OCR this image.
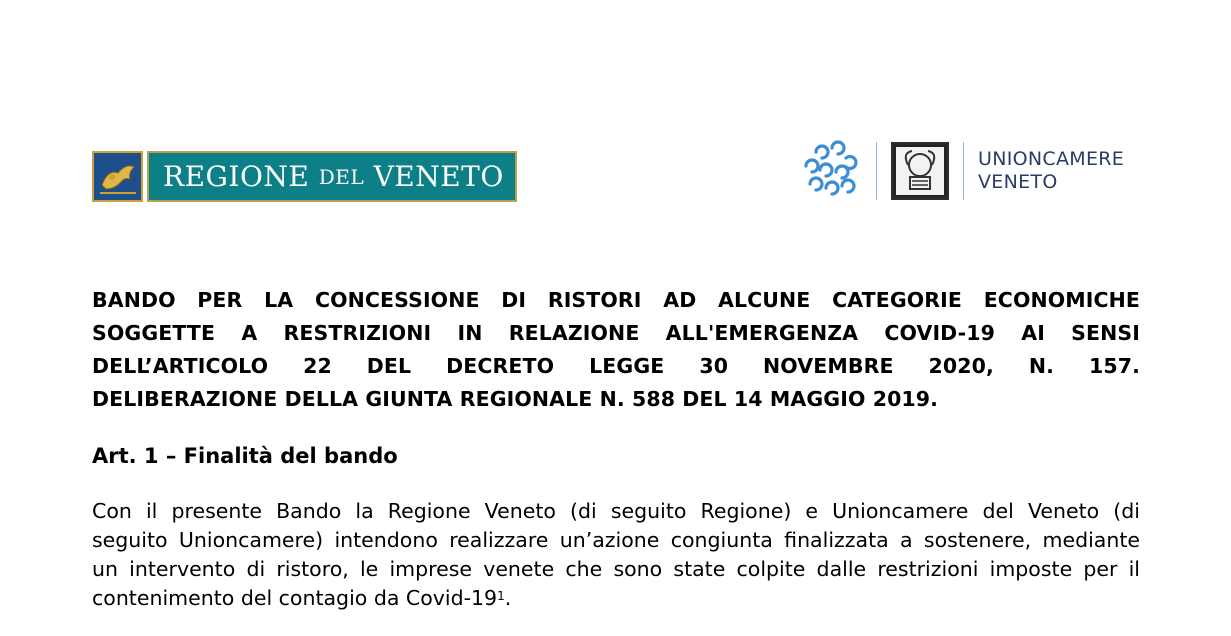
REGIONE
DEL
VENETO
UNIONCAMERE
VENETO
BANDO PER LA CONCESSIONE DI RISTORI AD ALCUNE CATEGORIE ECONOMICHE
SOGGETTE A RESTRIZIONI IN RELAZIONE ALL'EMERGENZA COVID-19 AI SENSI
DELL’ARTICOLO 22 DEL DECRETO LEGGE 30 NOVEMBRE 2020, N. 157.
DELIBERAZIONE DELLA GIUNTA REGIONALE N. 588 DEL 14 MAGGIO 2019.
Art. 1 – Finalità del bando
Con il presente Bando la Regione Veneto (di seguito Regione) e Unioncamere del Veneto (di
seguito Unioncamere) intendono realizzare un’azione congiunta finalizzata a sostenere, mediante
un intervento di ristoro, le imprese venete che sono state colpite dalle restrizioni imposte per il
contenimento del contagio da Covid-$19^1$.
